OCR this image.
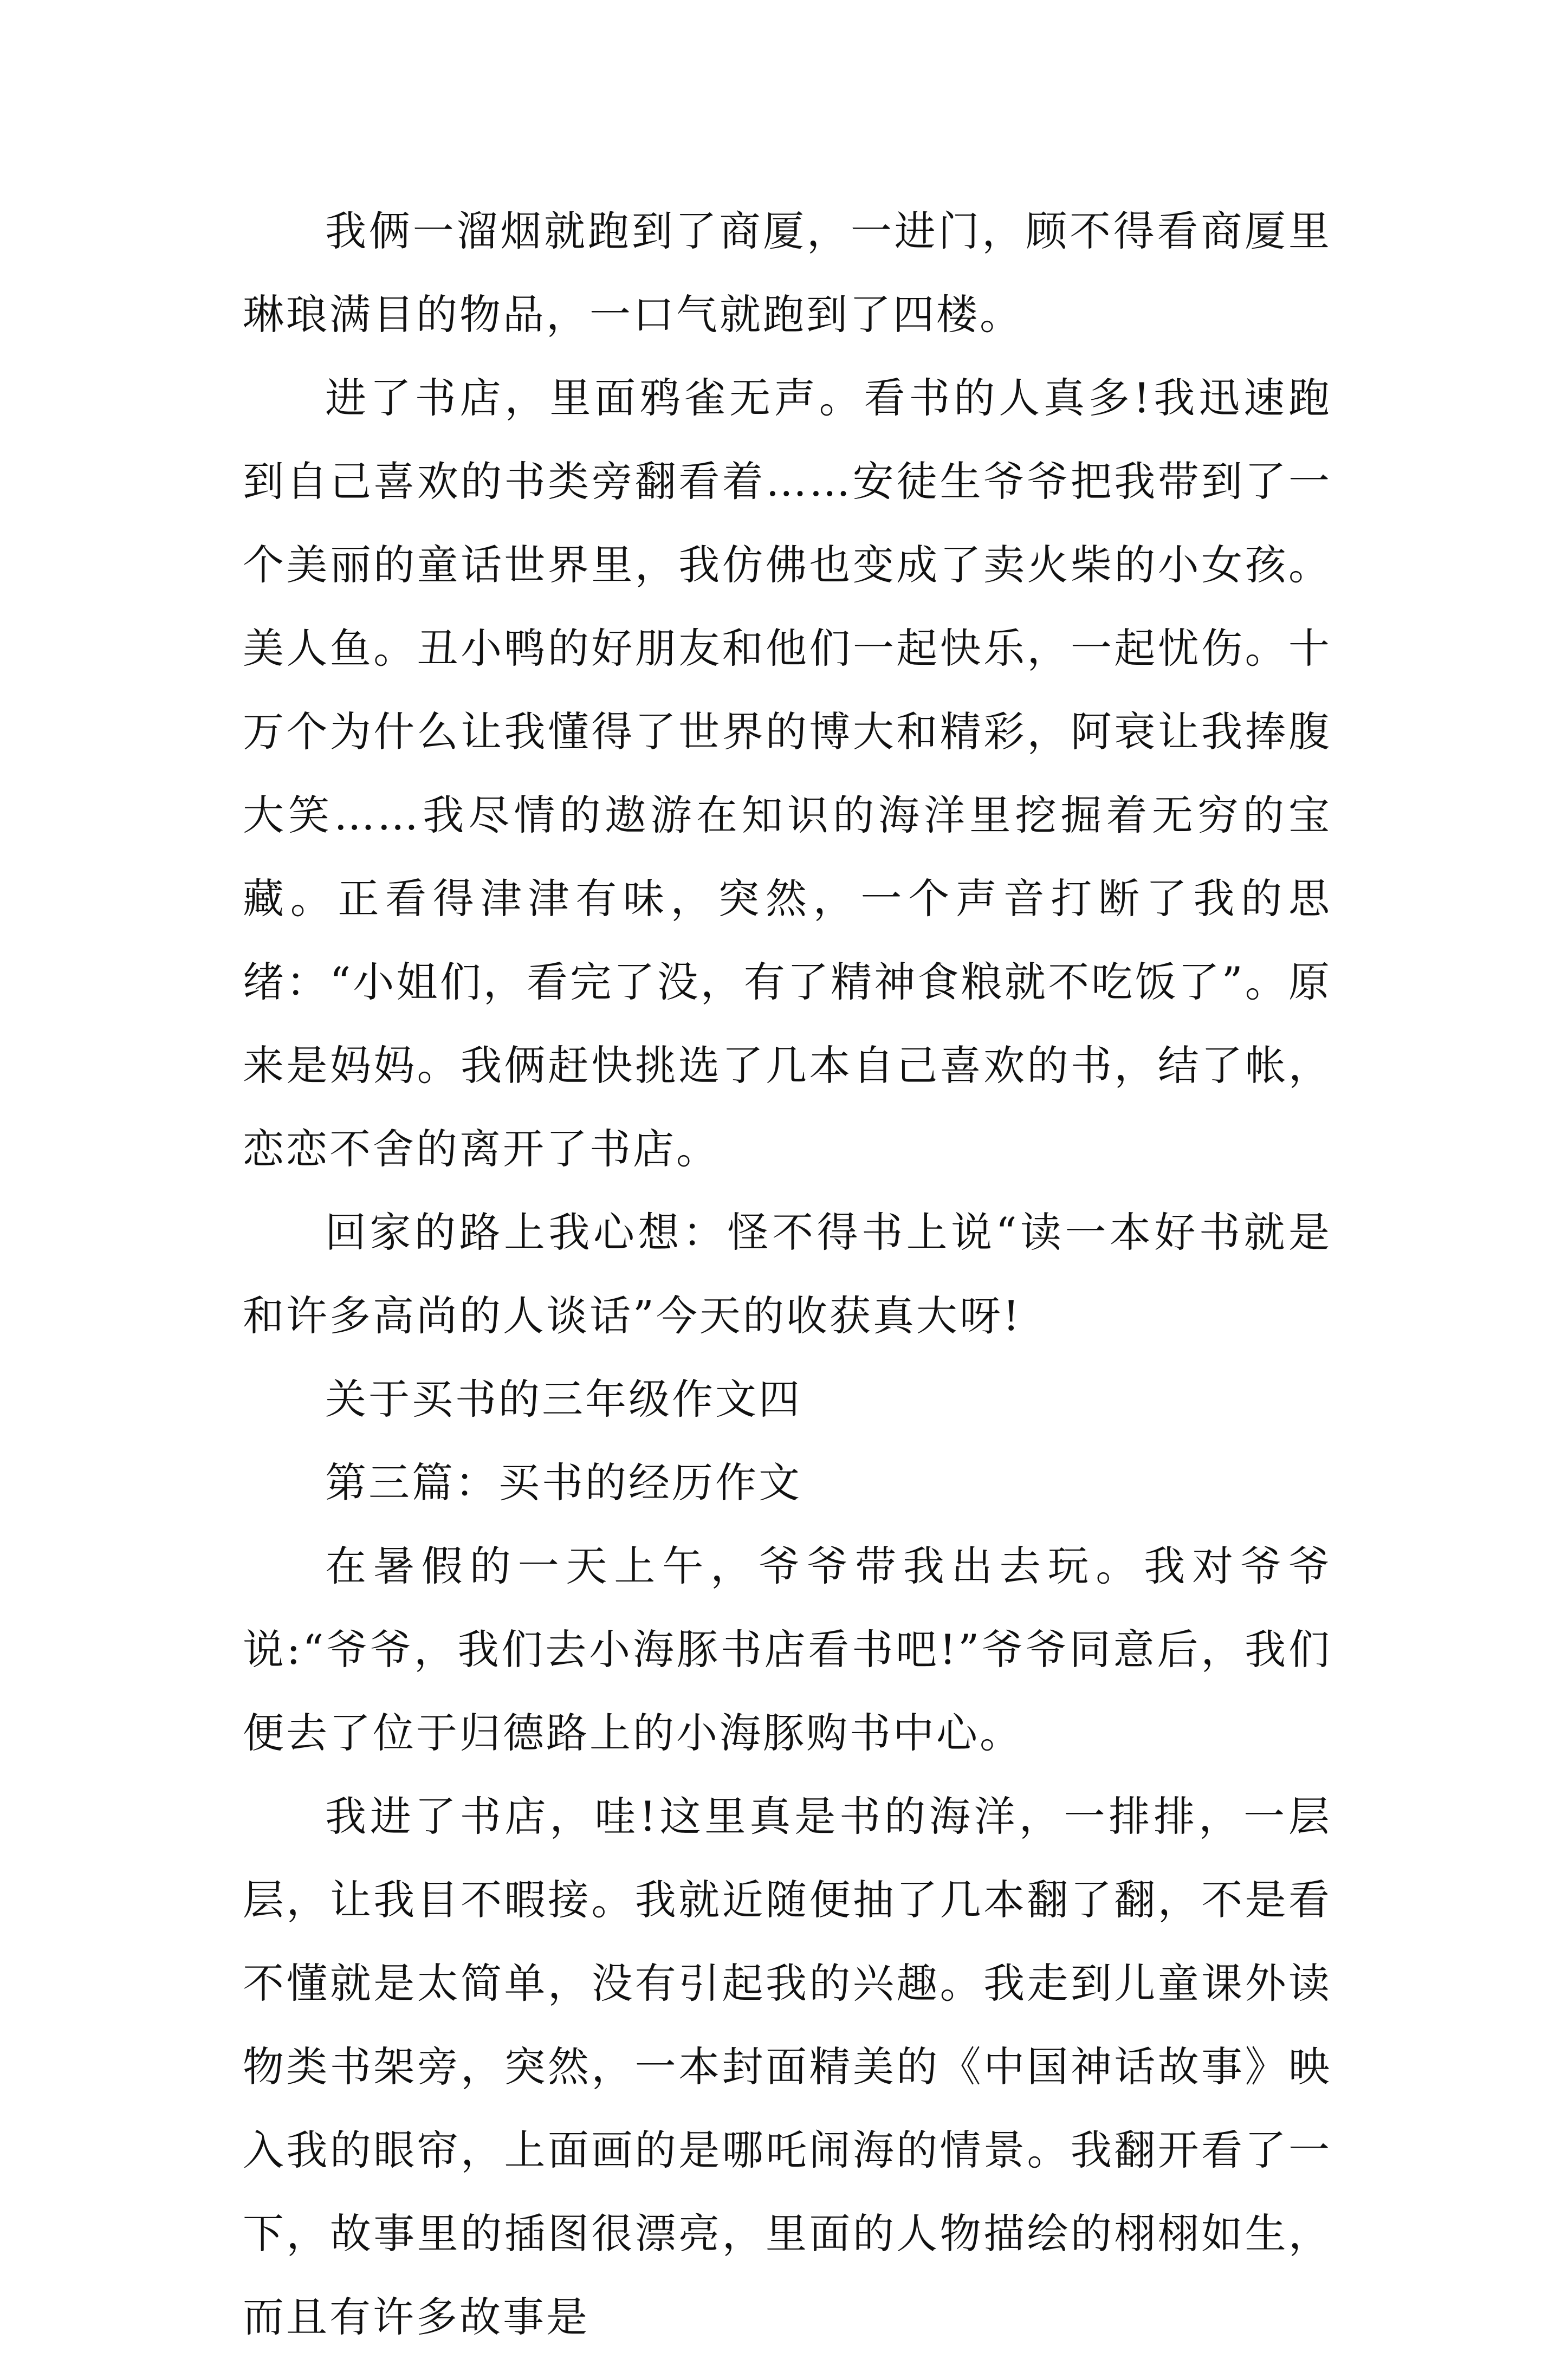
我俩一溜烟就跑到了商厦，一进门，顾不得看商厦里琳琅满目的物品，一口气就跑到了四楼。

进了书店，里面鸦雀无声。看书的人真多!我迅速跑到自己喜欢的书类旁翻看着……安徒生爷爷把我带到了一个美丽的童话世界里，我仿佛也变成了卖火柴的小女孩。美人鱼。丑小鸭的好朋友和他们一起快乐，一起忧伤。十万个为什么让我懂得了世界的博大和精彩，阿衰让我捧腹大笑……我尽情的遨游在知识的海洋里挖掘着无穷的宝藏。正看得津津有味，突然，一个声音打断了我的思绪：“小姐们，看完了没，有了精神食粮就不吃饭了”。原来是妈妈。我俩赶快挑选了几本自己喜欢的书，结了帐，恋恋不舍的离开了书店。

回家的路上我心想：怪不得书上说“读一本好书就是和许多高尚的人谈话”今天的收获真大呀!

关于买书的三年级作文四

第三篇：买书的经历作文

在暑假的一天上午，爷爷带我出去玩。我对爷爷说:“爷爷，我们去小海豚书店看书吧!”爷爷同意后，我们便去了位于归德路上的小海豚购书中心。

我进了书店，哇!这里真是书的海洋，一排排，一层层，让我目不暇接。我就近随便抽了几本翻了翻，不是看不懂就是太简单，没有引起我的兴趣。我走到儿童课外读物类书架旁，突然，一本封面精美的《中国神话故事》映入我的眼帘，上面画的是哪吒闹海的情景。我翻开看了一下，故事里的插图很漂亮，里面的人物描绘的栩栩如生，而且有许多故事是
